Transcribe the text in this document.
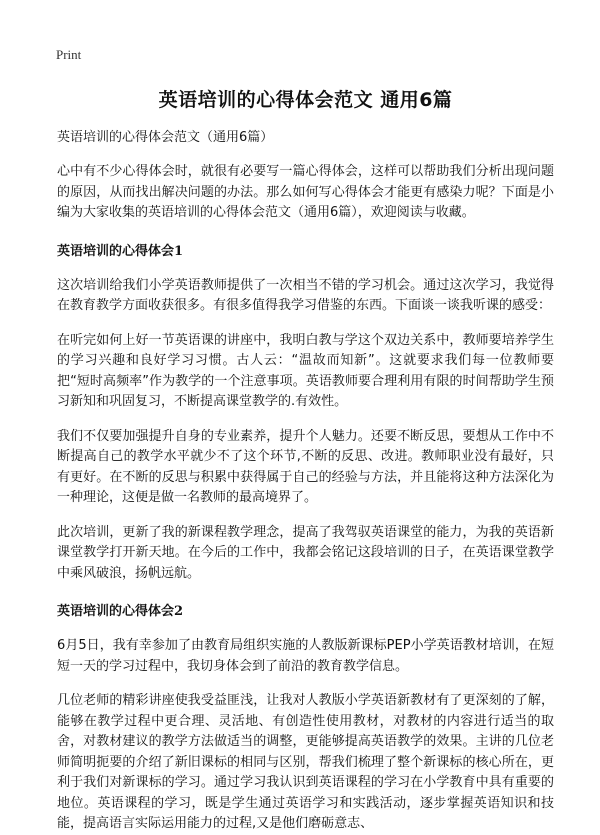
Print
英语培训的心得体会范文 通用6篇
英语培训的心得体会范文（通用6篇）

心中有不少心得体会时，就很有必要写一篇心得体会，这样可以帮助我们分析出现问题的原因，从而找出解决问题的办法。那么如何写心得体会才能更有感染力呢？下面是小编为大家收集的英语培训的心得体会范文（通用6篇），欢迎阅读与收藏。

英语培训的心得体会1

这次培训给我们小学英语教师提供了一次相当不错的学习机会。通过这次学习，我觉得在教育教学方面收获很多。有很多值得我学习借鉴的东西。下面谈一谈我听课的感受：

在听完如何上好一节英语课的讲座中，我明白教与学这个双边关系中，教师要培养学生的学习兴趣和良好学习习惯。古人云：“温故而知新”。这就要求我们每一位教师要把“短时高频率”作为教学的一个注意事项。英语教师要合理利用有限的时间帮助学生预习新知和巩固复习，不断提高课堂教学的.有效性。

我们不仅要加强提升自身的专业素养，提升个人魅力。还要不断反思，要想从工作中不断提高自己的教学水平就少不了这个环节,不断的反思、改进。教师职业没有最好，只有更好。在不断的反思与积累中获得属于自己的经验与方法，并且能将这种方法深化为一种理论，这便是做一名教师的最高境界了。

此次培训，更新了我的新课程教学理念，提高了我驾驭英语课堂的能力，为我的英语新课堂教学打开新天地。在今后的工作中，我都会铭记这段培训的日子，在英语课堂教学中乘风破浪，扬帆远航。

英语培训的心得体会2

6月5日，我有幸参加了由教育局组织实施的人教版新课标PEP小学英语教材培训，在短短一天的学习过程中，我切身体会到了前沿的教育教学信息。

几位老师的精彩讲座使我受益匪浅，让我对人教版小学英语新教材有了更深刻的了解，能够在教学过程中更合理、灵活地、有创造性使用教材，对教材的内容进行适当的取舍，对教材建议的教学方法做适当的调整，更能够提高英语教学的效果。主讲的几位老师简明扼要的介绍了新旧课标的相同与区别，帮我们梳理了整个新课标的核心所在，更利于我们对新课标的学习。通过学习我认识到英语课程的学习在小学教育中具有重要的地位。英语课程的学习，既是学生通过英语学习和实践活动，逐步掌握英语知识和技能，提高语言实际运用能力的过程,又是他们磨砺意志、
